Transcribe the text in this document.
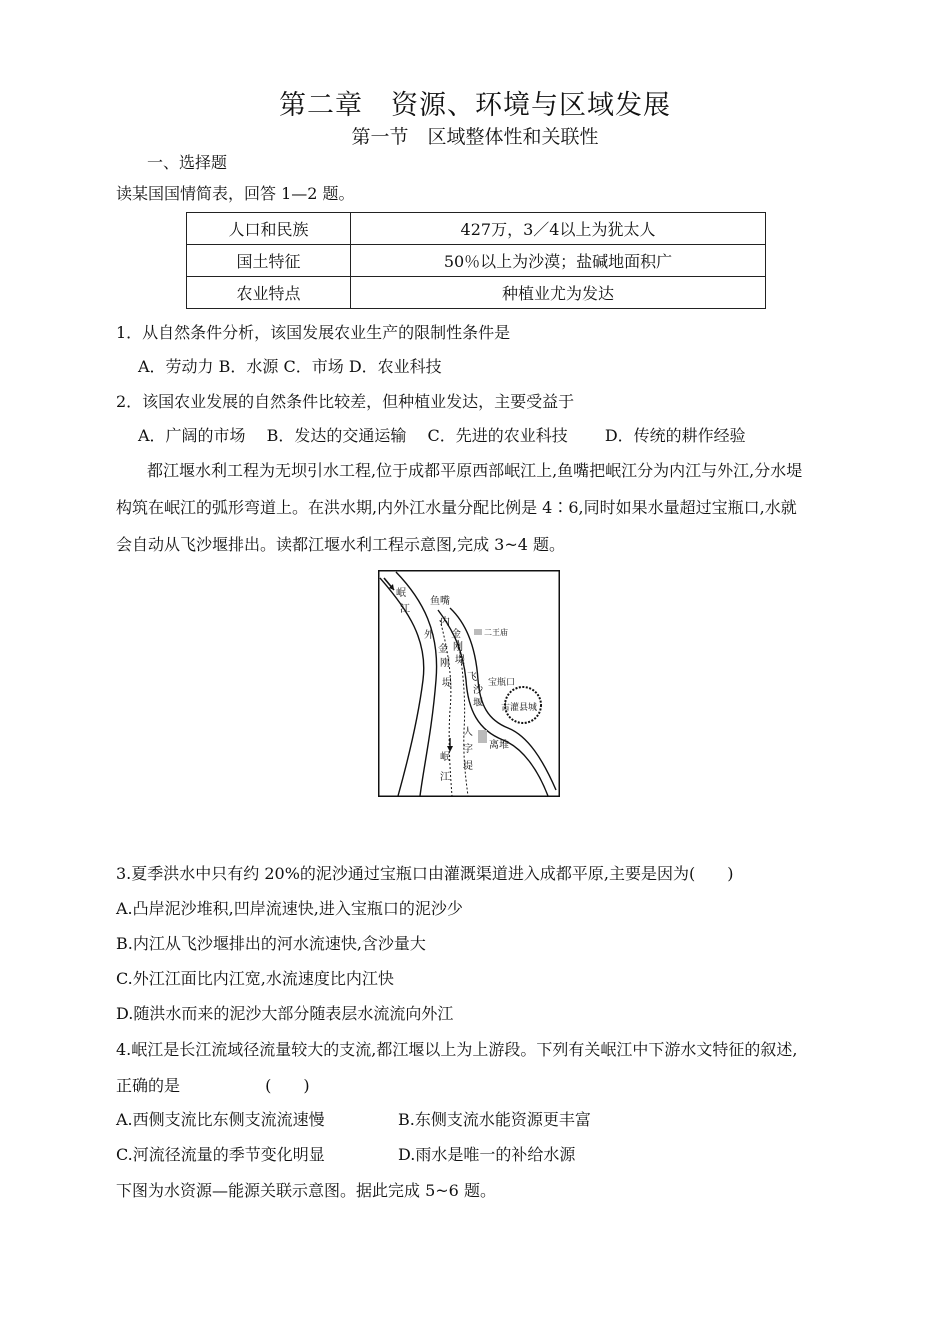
第二章　资源、环境与区域发展
第一节　区域整体性和关联性
一、选择题
读某国国情简表，回答 1—2 题。
人口和民族	427万，3／4以上为犹太人
国土特征	50％以上为沙漠；盐碱地面积广
农业特点	种植业尤为发达
1．从自然条件分析，该国发展农业生产的限制性条件是
A．劳动力 B．水源 C．市场 D．农业科技
2．该国农业发展的自然条件比较差，但种植业发达，主要受益于
A．广阔的市场　 B．发达的交通运输　 C．先进的农业科技　　 D．传统的耕作经验
都江堰水利工程为无坝引水工程,位于成都平原西部岷江上,鱼嘴把岷江分为内江与外江,分水堤
构筑在岷江的弧形弯道上。在洪水期,内外江水量分配比例是 4∶6,同时如果水量超过宝瓶口,水就
会自动从飞沙堰排出。读都江堰水利工程示意图,完成 3~4 题。
岷
江
鱼嘴
内
外 金
金 刚
刚 堤
堤
二王庙
宝瓶口
飞
沙
堰 古灌县城
人
字
堤
离堆
岷
江
3.夏季洪水中只有约 20%的泥沙通过宝瓶口由灌溉渠道进入成都平原,主要是因为(　　)
A.凸岸泥沙堆积,凹岸流速快,进入宝瓶口的泥沙少
B.内江从飞沙堰排出的河水流速快,含沙量大
C.外江江面比内江宽,水流速度比内江快
D.随洪水而来的泥沙大部分随表层水流流向外江
4.岷江是长江流域径流量较大的支流,都江堰以上为上游段。下列有关岷江中下游水文特征的叙述,
正确的是　　　　　 (　　)
A.西侧支流比东侧支流流速慢	B.东侧支流水能资源更丰富
C.河流径流量的季节变化明显	D.雨水是唯一的补给水源
下图为水资源—能源关联示意图。据此完成 5~6 题。
